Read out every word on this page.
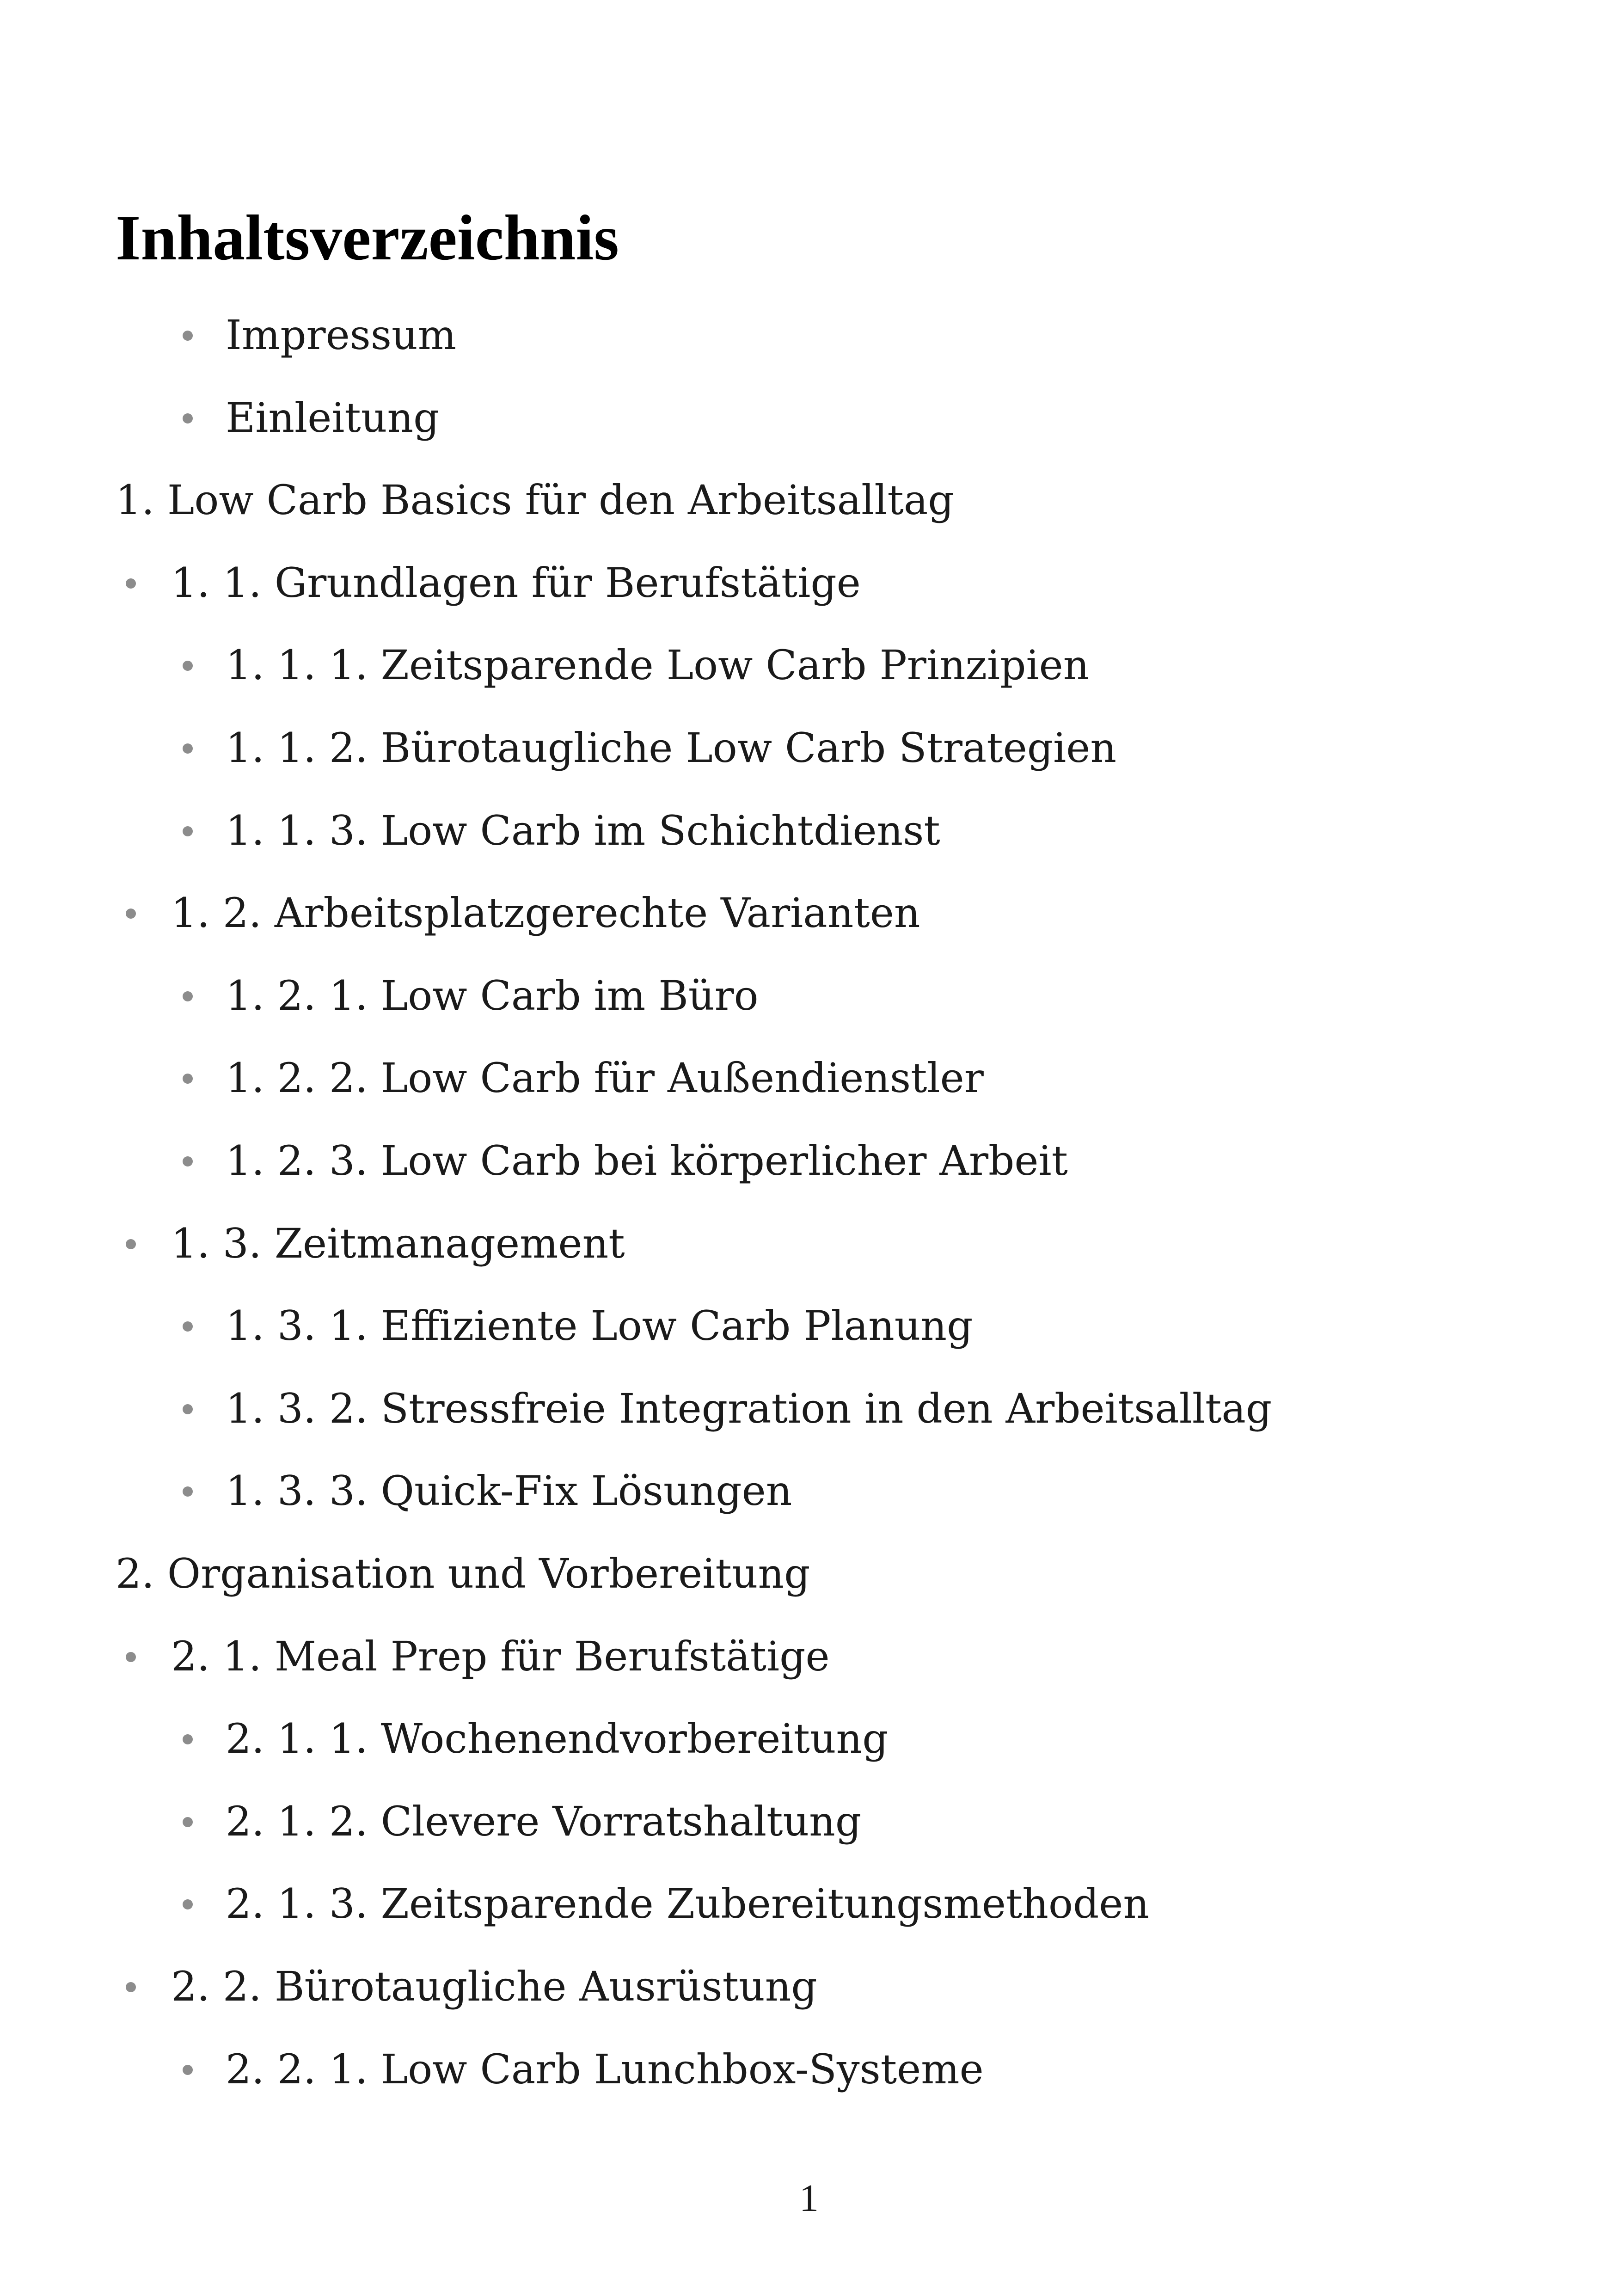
Inhaltsverzeichnis
Impressum
Einleitung
1. Low Carb Basics für den Arbeitsalltag
1. 1. Grundlagen für Berufstätige
1. 1. 1. Zeitsparende Low Carb Prinzipien
1. 1. 2. Bürotaugliche Low Carb Strategien
1. 1. 3. Low Carb im Schichtdienst
1. 2. Arbeitsplatzgerechte Varianten
1. 2. 1. Low Carb im Büro
1. 2. 2. Low Carb für Außendienstler
1. 2. 3. Low Carb bei körperlicher Arbeit
1. 3. Zeitmanagement
1. 3. 1. Effiziente Low Carb Planung
1. 3. 2. Stressfreie Integration in den Arbeitsalltag
1. 3. 3. Quick-Fix Lösungen
2. Organisation und Vorbereitung
2. 1. Meal Prep für Berufstätige
2. 1. 1. Wochenendvorbereitung
2. 1. 2. Clevere Vorratshaltung
2. 1. 3. Zeitsparende Zubereitungsmethoden
2. 2. Bürotaugliche Ausrüstung
2. 2. 1. Low Carb Lunchbox-Systeme
1
